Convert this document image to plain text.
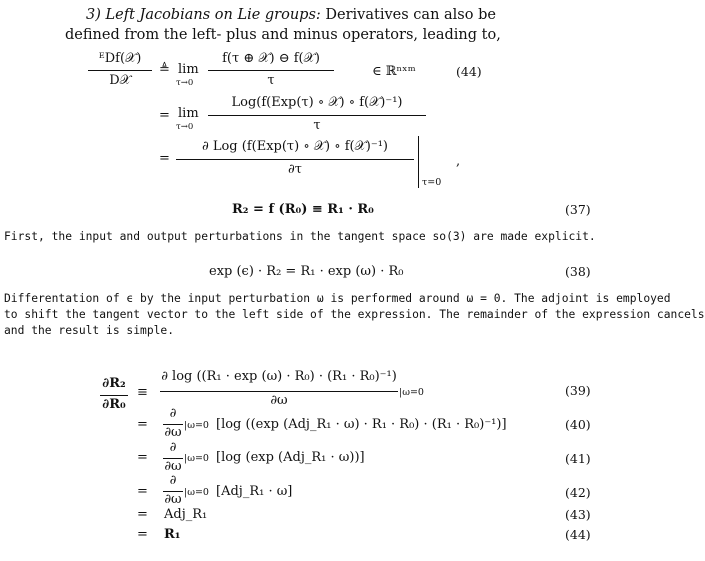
3) Left Jacobians on Lie groups: Derivatives can also be
defined from the left- plus and minus operators, leading to,
ᴱDf(𝒳)
D𝒳
≜ lim
τ→0
f(τ ⊕ 𝒳) ⊖ f(𝒳)
τ
∈ ℝⁿˣᵐ	(44)
= lim
τ→0
Log(f(Exp(τ) ∘ 𝒳) ∘ f(𝒳)⁻¹)
τ
=
∂ Log (f(Exp(τ) ∘ 𝒳) ∘ f(𝒳)⁻¹)
∂τ
τ=0
,
R₂ = f (R₀) ≡ R₁ · R₀	(37)
First, the input and output perturbations in the tangent space so(3) are made explicit.
exp (ϵ) · R₂ = R₁ · exp (ω) · R₀	(38)
Differentation of ϵ by the input perturbation ω is performed around ω = 0. The adjoint is employed
to shift the tangent vector to the left side of the expression. The remainder of the expression cancels
and the result is simple.
∂R₂
∂R₀
≡
∂ log ((R₁ · exp (ω) · R₀) · (R₁ · R₀)⁻¹)
∂ω
|ω=0	(39)
=
∂
∂ω |ω=0 [log ((exp (Adj_R₁ · ω) · R₁ · R₀) · (R₁ · R₀)⁻¹)]	(40)
=
∂
∂ω
|ω=0 [log (exp (Adj_R₁ · ω))]	(41)
=
∂
∂ω |ω=0 [Adj_R₁ · ω]	(42)
= Adj_R₁	(43)
= R₁	(44)
